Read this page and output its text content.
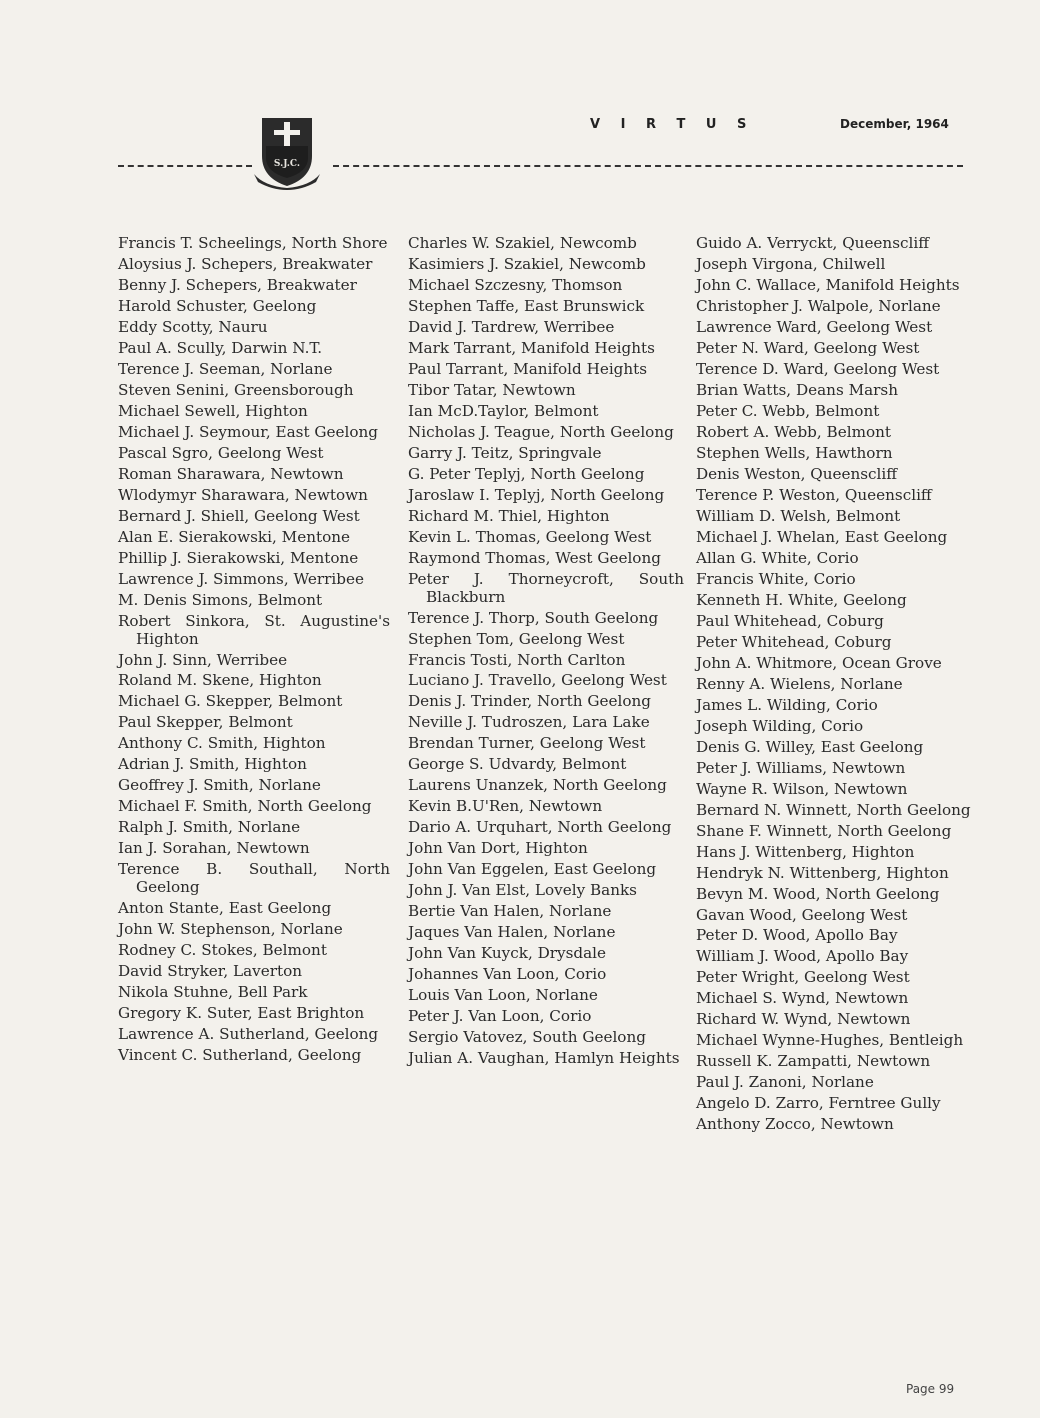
S.J.C.
V I R T U S	December, 1964

Francis T. Scheelings, North Shore

Aloysius J. Schepers, Breakwater

Benny J. Schepers, Breakwater

Harold Schuster, Geelong

Eddy Scotty, Nauru

Paul A. Scully, Darwin N.T.

Terence J. Seeman, Norlane

Steven Senini, Greensborough

Michael Sewell, Highton

Michael J. Seymour, East Geelong

Pascal Sgro, Geelong West

Roman Sharawara, Newtown

Wlodymyr Sharawara, Newtown

Bernard J. Shiell, Geelong West

Alan E. Sierakowski, Mentone

Phillip J. Sierakowski, Mentone

Lawrence J. Simmons, Werribee

M. Denis Simons, Belmont

Robert Sinkora, St. Augustine's Highton

John J. Sinn, Werribee

Roland M. Skene, Highton

Michael G. Skepper, Belmont

Paul Skepper, Belmont

Anthony C. Smith, Highton

Adrian J. Smith, Highton

Geoffrey J. Smith, Norlane

Michael F. Smith, North Geelong

Ralph J. Smith, Norlane

Ian J. Sorahan, Newtown

Terence B. Southall, North Geelong

Anton Stante, East Geelong

John W. Stephenson, Norlane

Rodney C. Stokes, Belmont

David Stryker, Laverton

Nikola Stuhne, Bell Park

Gregory K. Suter, East Brighton

Lawrence A. Sutherland, Geelong

Vincent C. Sutherland, Geelong

Charles W. Szakiel, Newcomb

Kasimiers J. Szakiel, Newcomb

Michael Szczesny, Thomson

Stephen Taffe, East Brunswick

David J. Tardrew, Werribee

Mark Tarrant, Manifold Heights

Paul Tarrant, Manifold Heights

Tibor Tatar, Newtown

Ian McD.Taylor, Belmont

Nicholas J. Teague, North Geelong

Garry J. Teitz, Springvale

G. Peter Teplyj, North Geelong

Jaroslaw I. Teplyj, North Geelong

Richard M. Thiel, Highton

Kevin L. Thomas, Geelong West

Raymond Thomas, West Geelong

Peter J. Thorneycroft, South Blackburn

Terence J. Thorp, South Geelong

Stephen Tom, Geelong West

Francis Tosti, North Carlton

Luciano J. Travello, Geelong West

Denis J. Trinder, North Geelong

Neville J. Tudroszen, Lara Lake

Brendan Turner, Geelong West

George S. Udvardy, Belmont

Laurens Unanzek, North Geelong

Kevin B.U'Ren, Newtown

Dario A. Urquhart, North Geelong

John Van Dort, Highton

John Van Eggelen, East Geelong

John J. Van Elst, Lovely Banks

Bertie Van Halen, Norlane

Jaques Van Halen, Norlane

John Van Kuyck, Drysdale

Johannes Van Loon, Corio

Louis Van Loon, Norlane

Peter J. Van Loon, Corio

Sergio Vatovez, South Geelong

Julian A. Vaughan, Hamlyn Heights

Guido A. Verryckt, Queenscliff

Joseph Virgona, Chilwell

John C. Wallace, Manifold Heights

Christopher J. Walpole, Norlane

Lawrence Ward, Geelong West

Peter N. Ward, Geelong West

Terence D. Ward, Geelong West

Brian Watts, Deans Marsh

Peter C. Webb, Belmont

Robert A. Webb, Belmont

Stephen Wells, Hawthorn

Denis Weston, Queenscliff

Terence P. Weston, Queenscliff

William D. Welsh, Belmont

Michael J. Whelan, East Geelong

Allan G. White, Corio

Francis White, Corio

Kenneth H. White, Geelong

Paul Whitehead, Coburg

Peter Whitehead, Coburg

John A. Whitmore, Ocean Grove

Renny A. Wielens, Norlane

James L. Wilding, Corio

Joseph Wilding, Corio

Denis G. Willey, East Geelong

Peter J. Williams, Newtown

Wayne R. Wilson, Newtown

Bernard N. Winnett, North Geelong

Shane F. Winnett, North Geelong

Hans J. Wittenberg, Highton

Hendryk N. Wittenberg, Highton

Bevyn M. Wood, North Geelong

Gavan Wood, Geelong West

Peter D. Wood, Apollo Bay

William J. Wood, Apollo Bay

Peter Wright, Geelong West

Michael S. Wynd, Newtown

Richard W. Wynd, Newtown

Michael Wynne-Hughes, Bentleigh

Russell K. Zampatti, Newtown

Paul J. Zanoni, Norlane

Angelo D. Zarro, Ferntree Gully

Anthony Zocco, Newtown

Page 99
